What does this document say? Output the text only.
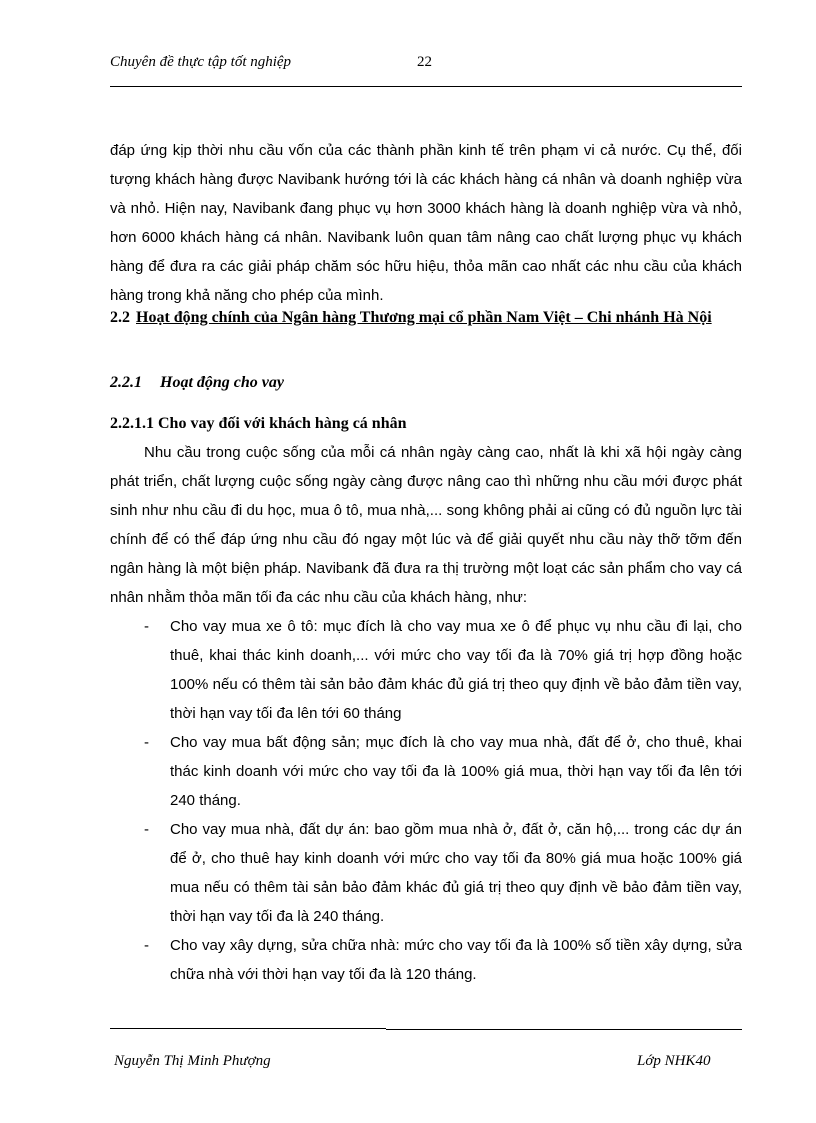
Chuyên đề thực tập tốt nghiệp	22

đáp ứng kịp thời nhu cầu vốn của các thành phần kinh tế trên phạm vi cả nước. Cụ thể, đối tượng khách hàng được Navibank hướng tới là các khách hàng cá nhân và doanh nghiệp vừa và nhỏ. Hiện nay, Navibank đang phục vụ hơn 3000 khách hàng là doanh nghiệp vừa và nhỏ, hơn 6000 khách hàng cá nhân. Navibank luôn quan tâm nâng cao chất lượng phục vụ khách hàng để đưa ra các giải pháp chăm sóc hữu hiệu, thỏa mãn cao nhất các nhu cầu của khách hàng trong khả năng cho phép của mình.

2.2 Hoạt động chính của Ngân hàng Thương mại cổ phần Nam Việt – Chi nhánh Hà Nội
2.2.1 Hoạt động cho vay
2.2.1.1 Cho vay đối với khách hàng cá nhân

Nhu cầu trong cuộc sống của mỗi cá nhân ngày càng cao, nhất là khi xã hội ngày càng phát triển, chất lượng cuộc sống ngày càng được nâng cao thì những nhu cầu mới được phát sinh như nhu cầu đi du học, mua ô tô, mua nhà,... song không phải ai cũng có đủ nguồn lực tài chính để có thể đáp ứng nhu cầu đó ngay một lúc và để giải quyết nhu cầu này thỡ tỡm đến ngân hàng là một biện pháp. Navibank đã đưa ra thị trường một loạt các sản phẩm cho vay cá nhân nhằm thỏa mãn tối đa các nhu cầu của khách hàng, như:

- Cho vay mua xe ô tô: mục đích là cho vay mua xe ô để phục vụ nhu cầu đi lại, cho thuê, khai thác kinh doanh,... với mức cho vay tối đa là 70% giá trị hợp đồng hoặc 100% nếu có thêm tài sản bảo đảm khác đủ giá trị theo quy định về bảo đảm tiền vay, thời hạn vay tối đa lên tới 60 tháng
- Cho vay mua bất động sản; mục đích là cho vay mua nhà, đất để ở, cho thuê, khai thác kinh doanh với mức cho vay tối đa là 100% giá mua, thời hạn vay tối đa lên tới 240 tháng.
- Cho vay mua nhà, đất dự án: bao gồm mua nhà ở, đất ở, căn hộ,... trong các dự án để ở, cho thuê hay kinh doanh với mức cho vay tối đa 80% giá mua hoặc 100% giá mua nếu có thêm tài sản bảo đảm khác đủ giá trị theo quy định về bảo đảm tiền vay, thời hạn vay tối đa là 240 tháng.
- Cho vay xây dựng, sửa chữa nhà: mức cho vay tối đa là 100% số tiền xây dựng, sửa chữa nhà với thời hạn vay tối đa là 120 tháng.
Nguyễn Thị Minh Phượng	Lớp NHK40
